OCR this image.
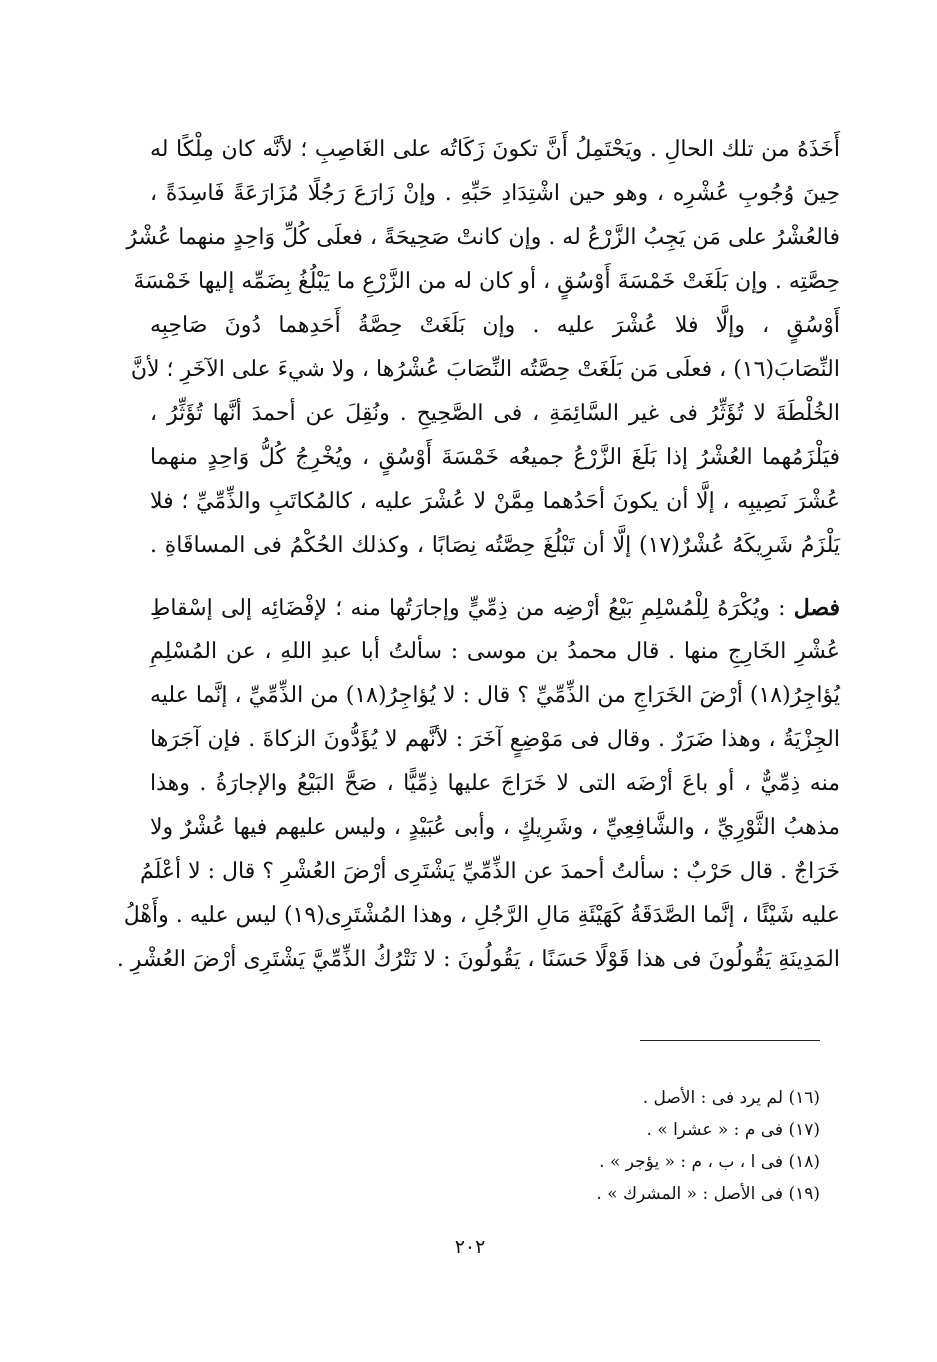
أَخَذَهُ من تلك الحالِ . ويَحْتَمِلُ أَنَّ تكونَ زَكَاتُه على الغَاصِبِ ؛ لأنَّه كان مِلْكًا له
حِينَ وُجُوبِ عُشْرِه ، وهو حين اشْتِدَادِ حَبِّهِ . وإنْ زَارَعَ رَجُلًا مُزَارَعَةً فَاسِدَةً ،
فالعُشْرُ على مَن يَجِبُ الزَّرْعُ له . وإن كانتْ صَحِيحَةً ، فعلَى كُلِّ وَاحِدٍ منهما عُشْرُ
حِصَّتِه . وإن بَلَغَتْ خَمْسَةَ أَوْسُقٍ ، أو كان له من الزَّرْعِ ما يَبْلُغُ بِضَمِّه إليها خَمْسَةَ
أَوْسُقٍ ، وإلَّا فلا عُشْرَ عليه . وإن بَلَغَتْ حِصَّةُ أَحَدِهما دُونَ صَاحِبِه
النِّصَابَ(١٦) ، فعلَى مَن بَلَغَتْ حِصَّتُه النِّصَابَ عُشْرُها ، ولا شيءَ على الآخَرِ ؛ لأنَّ
الخُلْطَةَ لا تُؤَثِّرُ فى غير السَّائِمَةِ ، فى الصَّحِيحِ . ونُقِلَ عن أحمدَ أنَّها تُؤَثِّرُ ،
فيَلْزَمُهما العُشْرُ إذا بَلَغَ الزَّرْعُ جميعُه خَمْسَةَ أَوْسُقٍ ، ويُخْرِجُ كُلُّ وَاحِدٍ منهما
عُشْرَ نَصِيبِه ، إلَّا أن يكونَ أحَدُهما مِمَّنْ لا عُشْرَ عليه ، كالمُكاتَبِ والذِّمِّيِّ ؛ فلا
يَلْزَمُ شَرِيكَهُ عُشْرٌ(١٧) إلَّا أن تَبْلُغَ حِصَّتُه نِصَابًا ، وكذلك الحُكْمُ فى المساقَاةِ .
فصل : ويُكْرَهُ لِلْمُسْلِمِ بَيْعُ أرْضِه من ذِمِّيٍّ وإجارَتُها منه ؛ لإفْضَائِه إلى إسْقاطِ
عُشْرِ الخَارِجِ منها . قال محمدُ بن موسى : سألتُ أبا عبدِ اللهِ ، عن المُسْلِمِ
يُؤاجِرُ(١٨) أرْضَ الخَرَاجِ من الذِّمِّيِّ ؟ قال : لا يُؤاجِرُ(١٨) من الذِّمِّيِّ ، إنَّما عليه
الجِزْيَةُ ، وهذا ضَرَرٌ . وقال فى مَوْضِعٍ آخَرَ : لأنَّهم لا يُؤَدُّونَ الزكاةَ . فإن آجَرَها
منه ذِمِّيٌّ ، أو باعَ أرْضَه التى لا خَرَاجَ عليها ذِمِّيًّا ، صَحَّ البَيْعُ والإجارَةُ . وهذا
مذهبُ الثَّوْرِيِّ ، والشَّافِعِيِّ ، وشَرِيكٍ ، وأبى عُبَيْدٍ ، وليس عليهم فيها عُشْرٌ ولا
خَرَاجٌ . قال حَرْبٌ : سألتُ أحمدَ عن الذِّمِّيِّ يَشْتَرِى أرْضَ العُشْرِ ؟ قال : لا أعْلَمُ
عليه شَيْئًا ، إنَّما الصَّدَقَةُ كَهَيْئَةِ مَالِ الرَّجُلِ ، وهذا المُشْتَرِى(١٩) ليس عليه . وأَهْلُ
المَدِينَةِ يَقُولُونَ فى هذا قَوْلًا حَسَنًا ، يَقُولُونَ : لا نَتْرُكُ الذِّمِّيَّ يَشْتَرِى أرْضَ العُشْرِ .
(١٦) لم يرد فى : الأصل .
(١٧) فى م : « عشرا » .
(١٨) فى ا ، ب ، م : « يؤجر » .
(١٩) فى الأصل : « المشرك » .
٢٠٢
